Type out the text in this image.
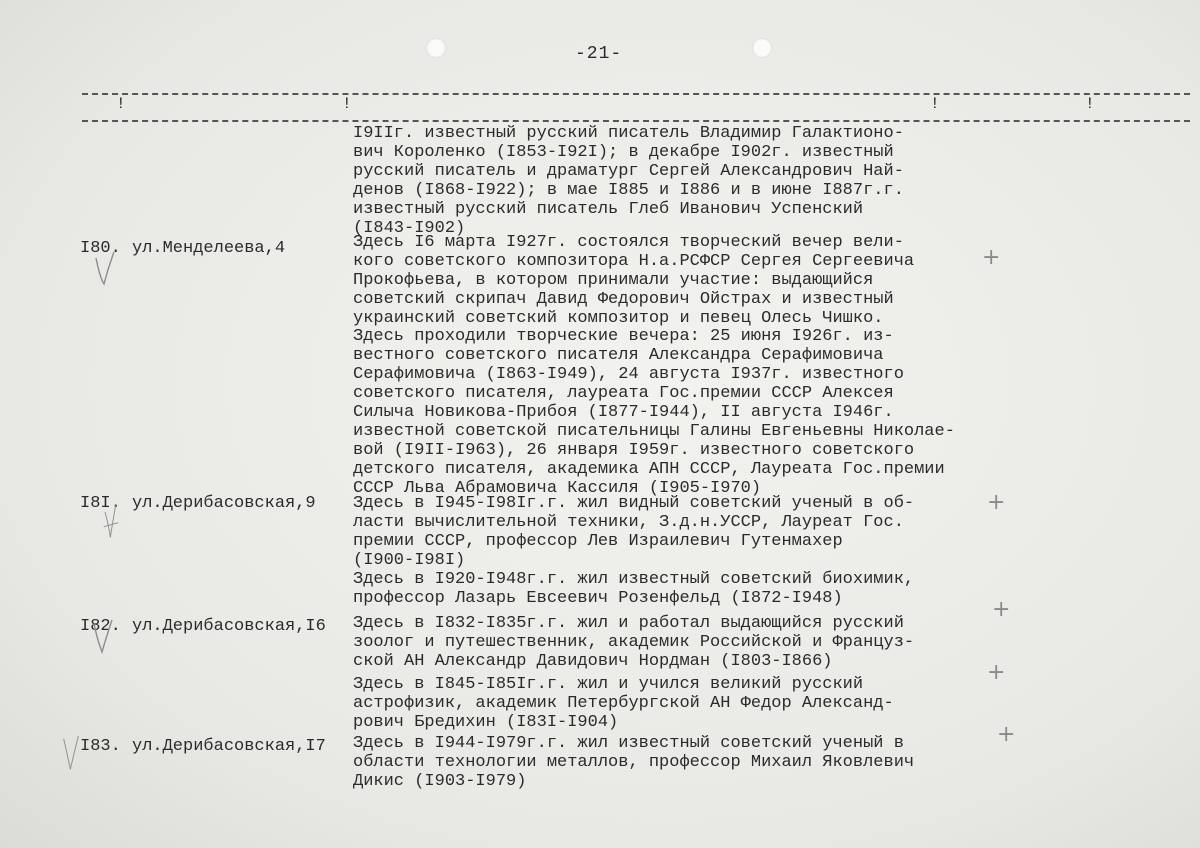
-21-
!	!	!	!
I9IIг. известный русский писатель Владимир Галактионо-
вич Короленко (I853-I92I); в декабре I902г. известный
русский писатель и драматург Сергей Александрович Най-
денов (I868-I922); в мае I885 и I886 и в июне I887г.г.
известный русский писатель Глеб Иванович Успенский
(I843-I902)
I80. ул.Менделеева,4	Здесь I6 марта I927г. состоялся творческий вечер вели-
кого советского композитора Н.а.РСФСР Сергея Сергеевича
Прокофьева, в котором принимали участие: выдающийся
советский скрипач Давид Федорович Ойстрах и известный
украинский советский композитор и певец Олесь Чишко.
Здесь проходили творческие вечера: 25 июня I926г. из-
вестного советского писателя Александра Серафимовича
Серафимовича (I863-I949), 24 августа I937г. известного
советского писателя, лауреата Гос.премии СССР Алексея
Силыча Новикова-Прибоя (I877-I944), II августа I946г.
известной советской писательницы Галины Евгеньевны Николае-
вой (I9II-I963), 26 января I959г. известного советского
детского писателя, академика АПН СССР, Лауреата Гос.премии
СССР Льва Абрамовича Кассиля (I905-I970)
I8I. ул.Дерибасовская,9 Здесь в I945-I98Iг.г. жил видный советский ученый в об-
ласти вычислительной техники, З.д.н.УССР, Лауреат Гос.
премии СССР, профессор Лев Израилевич Гутенмахер
(I900-I98I)
Здесь в I920-I948г.г. жил известный советский биохимик,
профессор Лазарь Евсеевич Розенфельд (I872-I948)
I82. ул.Дерибасовская,I6 Здесь в I832-I835г.г. жил и работал выдающийся русский
зоолог и путешественник, академик Российской и Француз-
ской АН Александр Давидович Нордман (I803-I866)
Здесь в I845-I85Iг.г. жил и учился великий русский
астрофизик, академик Петербургской АН Федор Александ-
рович Бредихин (I83I-I904)
I83. ул.Дерибасовская,I7 Здесь в I944-I979г.г. жил известный советский ученый в
области технологии металлов, профессор Михаил Яковлевич
Дикис (I903-I979)
+
+
+
+
+
